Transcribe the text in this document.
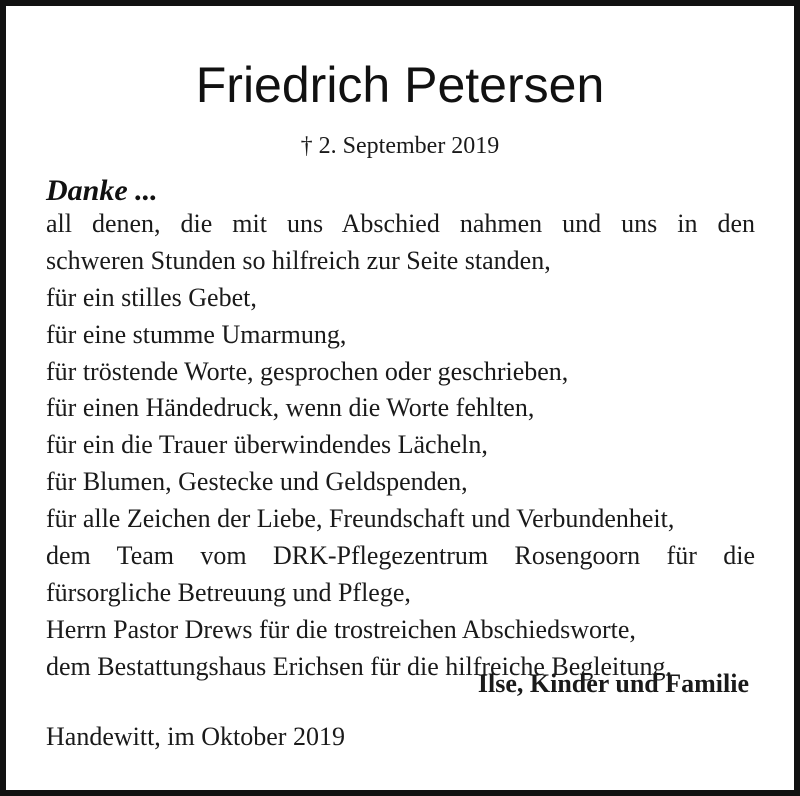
Friedrich Petersen
† 2. September 2019
Danke ...
all denen, die mit uns Abschied nahmen und uns in den
schweren Stunden so hilfreich zur Seite standen,
für ein stilles Gebet,
für eine stumme Umarmung,
für tröstende Worte, gesprochen oder geschrieben,
für einen Händedruck, wenn die Worte fehlten,
für ein die Trauer überwindendes Lächeln,
für Blumen, Gestecke und Geldspenden,
für alle Zeichen der Liebe, Freundschaft und Verbundenheit,
dem Team vom DRK-Pflegezentrum Rosengoorn für die
fürsorgliche Betreuung und Pflege,
Herrn Pastor Drews für die trostreichen Abschiedsworte,
dem Bestattungshaus Erichsen für die hilfreiche Begleitung.
Ilse, Kinder und Familie
Handewitt, im Oktober 2019
